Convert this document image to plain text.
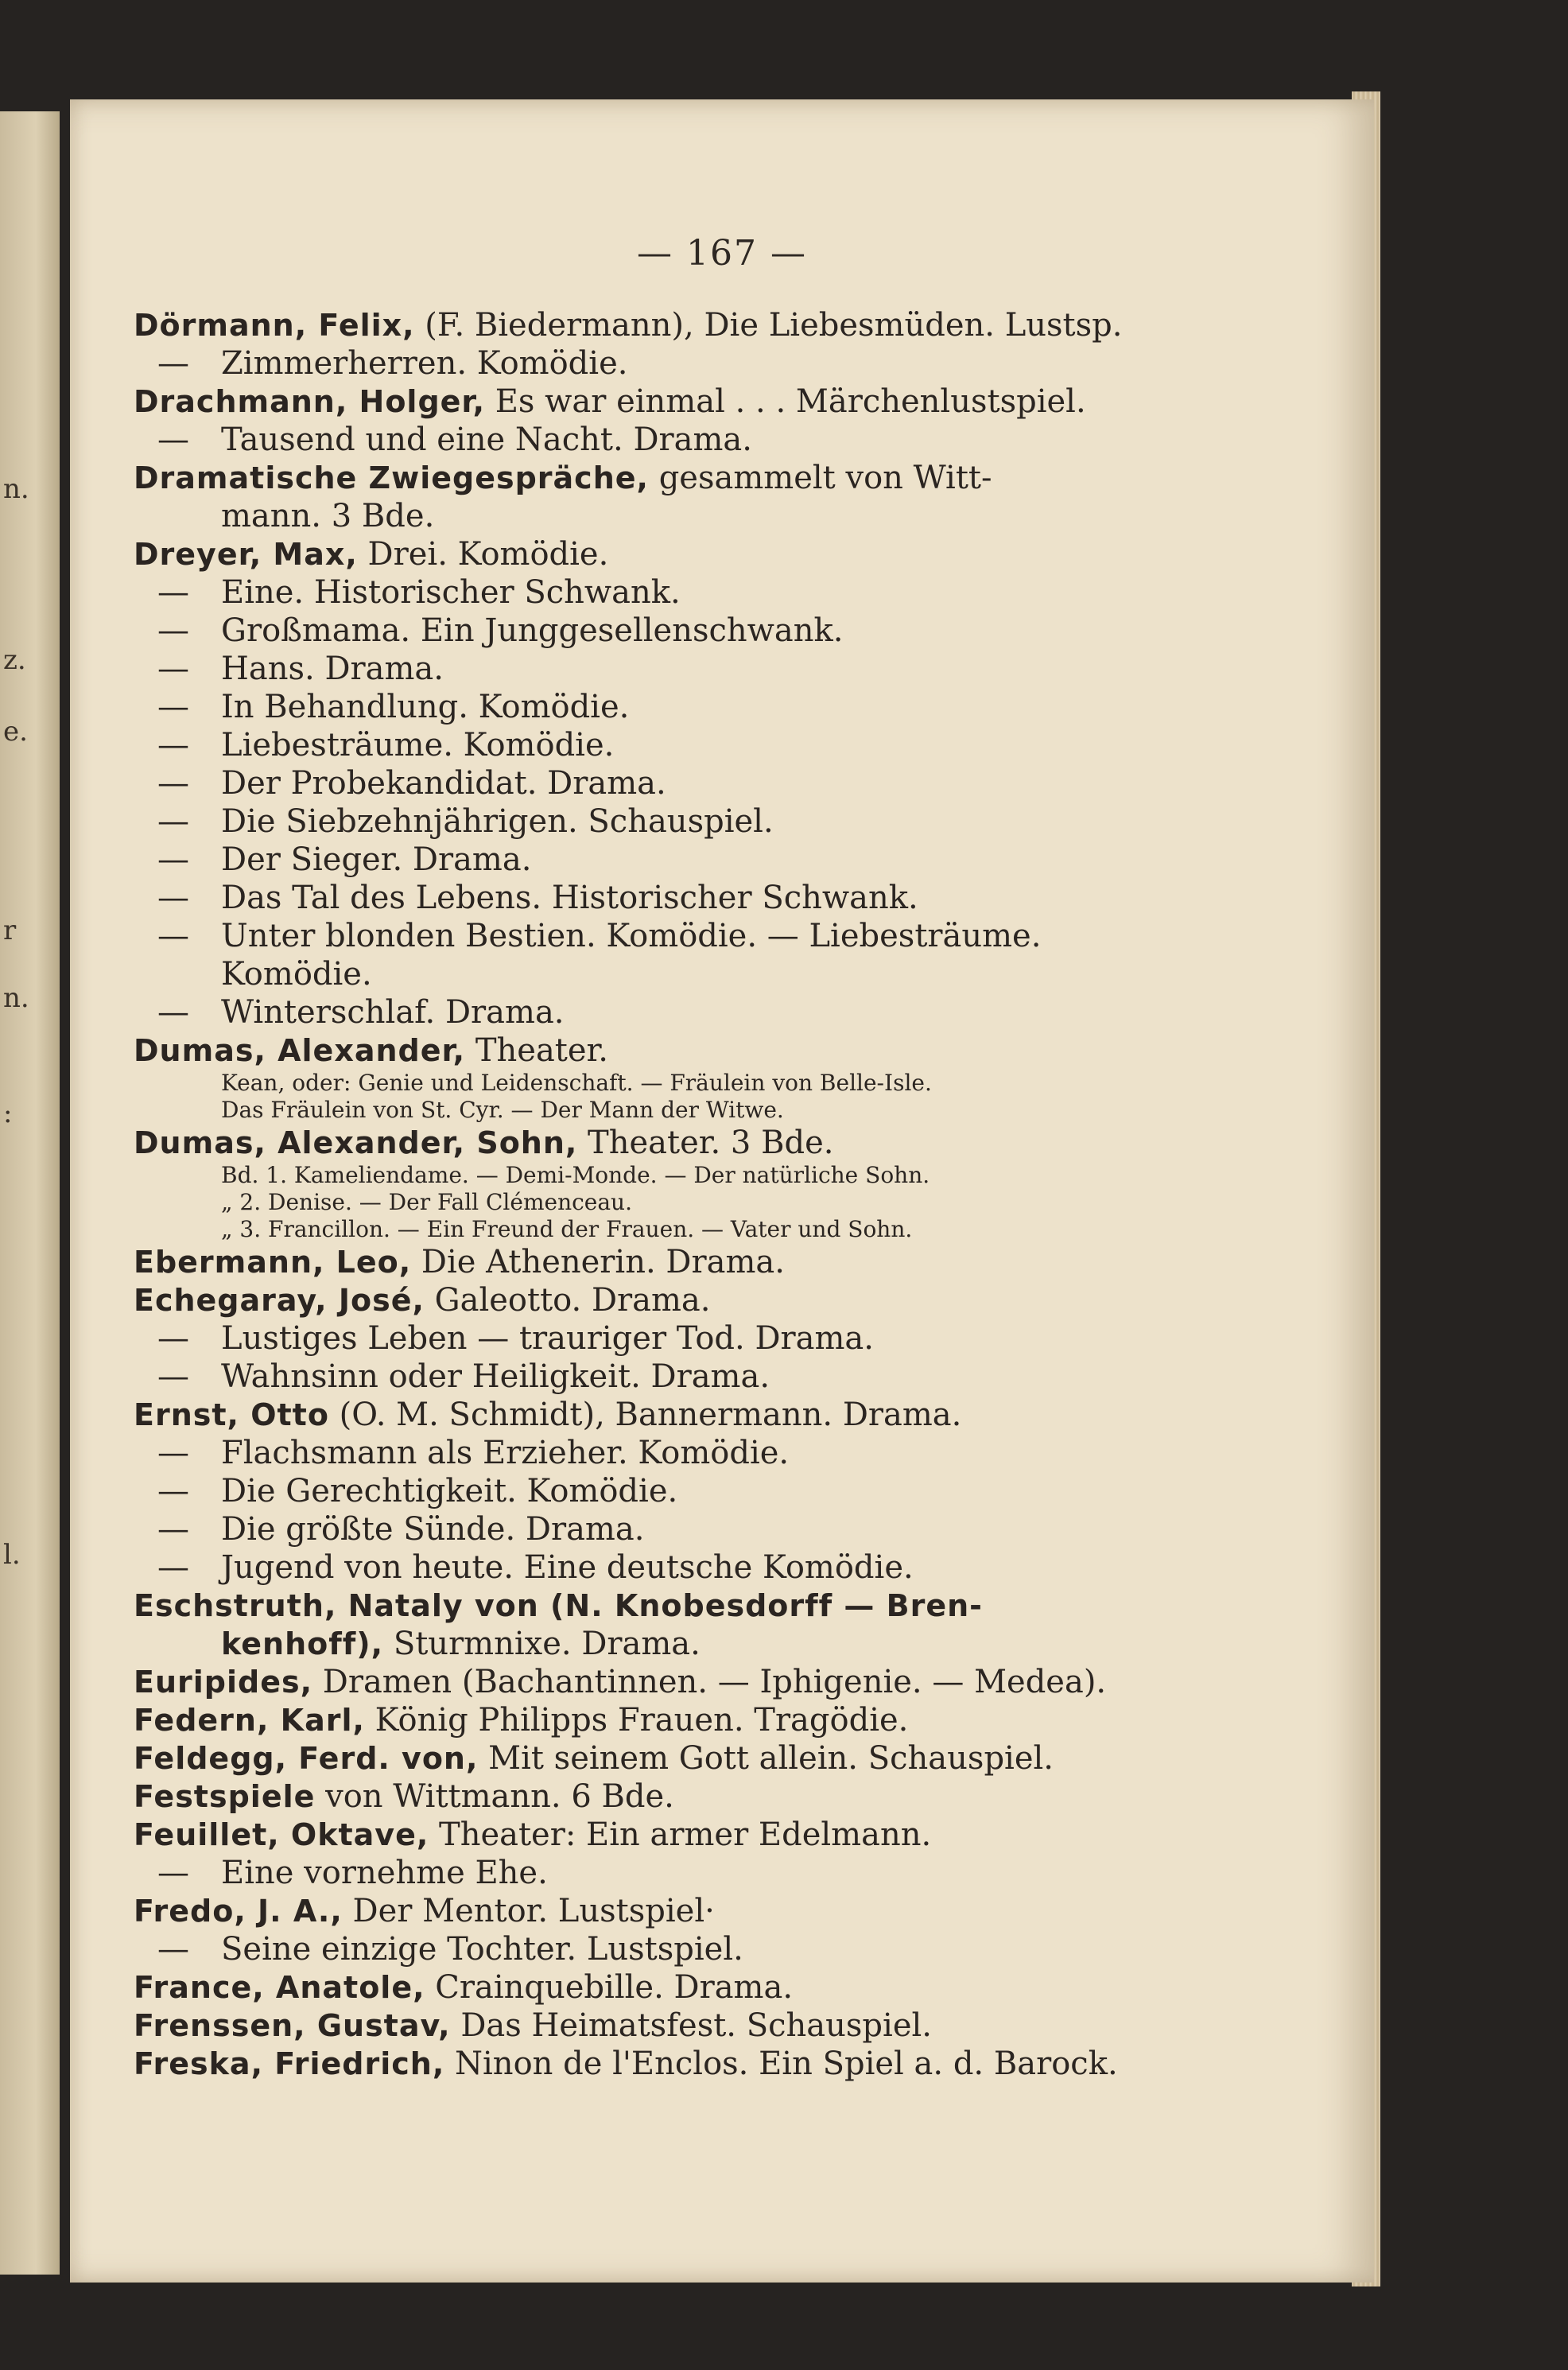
n.
z.
e.
r
n.
:
l.
— 167 —
Dörmann, Felix, (F. Biedermann), Die Liebesmüden. Lustsp.
— Zimmerherren. Komödie.
Drachmann, Holger, Es war einmal . . . Märchenlustspiel.
— Tausend und eine Nacht. Drama.
Dramatische Zwiegespräche, gesammelt von Witt-
mann. 3 Bde.
Dreyer, Max, Drei. Komödie.
— Eine. Historischer Schwank.
— Großmama. Ein Junggesellenschwank.
— Hans. Drama.
— In Behandlung. Komödie.
— Liebesträume. Komödie.
— Der Probekandidat. Drama.
— Die Siebzehnjährigen. Schauspiel.
— Der Sieger. Drama.
— Das Tal des Lebens. Historischer Schwank.
— Unter blonden Bestien. Komödie. — Liebesträume.
Komödie.
— Winterschlaf. Drama.
Dumas, Alexander, Theater.
Kean, oder: Genie und Leidenschaft. — Fräulein von Belle-Isle.
Das Fräulein von St. Cyr. — Der Mann der Witwe.
Dumas, Alexander, Sohn, Theater. 3 Bde.
Bd. 1. Kameliendame. — Demi-Monde. — Der natürliche Sohn.
„ 2. Denise. — Der Fall Clémenceau.
„ 3. Francillon. — Ein Freund der Frauen. — Vater und Sohn.
Ebermann, Leo, Die Athenerin. Drama.
Echegaray, José, Galeotto. Drama.
— Lustiges Leben — trauriger Tod. Drama.
— Wahnsinn oder Heiligkeit. Drama.
Ernst, Otto (O. M. Schmidt), Bannermann. Drama.
— Flachsmann als Erzieher. Komödie.
— Die Gerechtigkeit. Komödie.
— Die größte Sünde. Drama.
— Jugend von heute. Eine deutsche Komödie.
Eschstruth, Nataly von (N. Knobesdorff — Bren-
kenhoff), Sturmnixe. Drama.
Euripides, Dramen (Bachantinnen. — Iphigenie. — Medea).
Federn, Karl, König Philipps Frauen. Tragödie.
Feldegg, Ferd. von, Mit seinem Gott allein. Schauspiel.
Festspiele von Wittmann. 6 Bde.
Feuillet, Oktave, Theater: Ein armer Edelmann.
— Eine vornehme Ehe.
Fredo, J. A., Der Mentor. Lustspiel·
— Seine einzige Tochter. Lustspiel.
France, Anatole, Crainquebille. Drama.
Frenssen, Gustav, Das Heimatsfest. Schauspiel.
Freska, Friedrich, Ninon de l'Enclos. Ein Spiel a. d. Barock.
